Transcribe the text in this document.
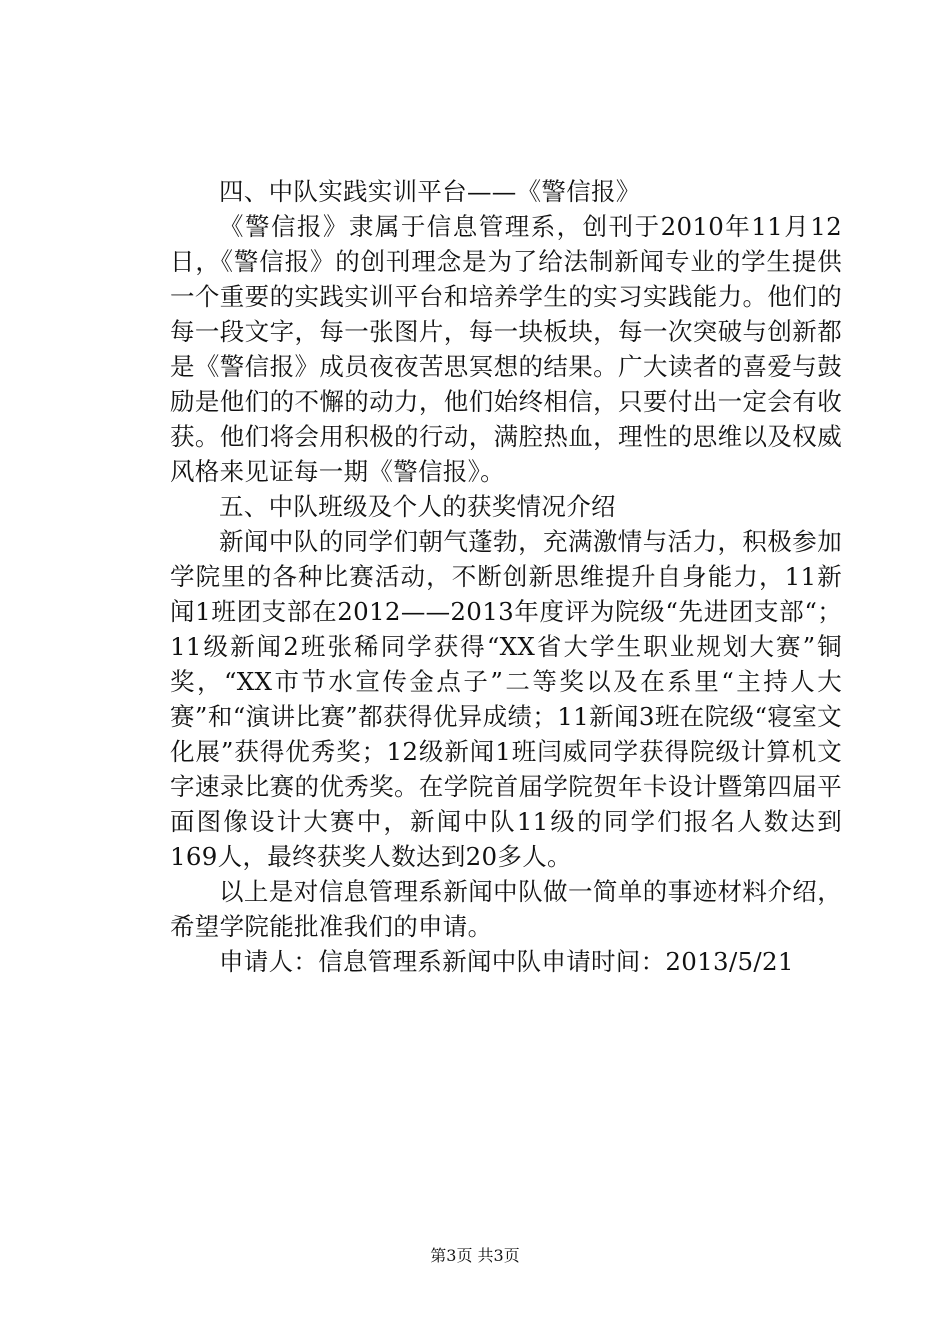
四、中队实践实训平台——《警信报》

《警信报》隶属于信息管理系，创刊于2010年11月12日，《警信报》的创刊理念是为了给法制新闻专业的学生提供一个重要的实践实训平台和培养学生的实习实践能力。他们的每一段文字，每一张图片，每一块板块，每一次突破与创新都是《警信报》成员夜夜苦思冥想的结果。广大读者的喜爱与鼓励是他们的不懈的动力，他们始终相信，只要付出一定会有收获。他们将会用积极的行动，满腔热血，理性的思维以及权威风格来见证每一期《警信报》。

五、中队班级及个人的获奖情况介绍

新闻中队的同学们朝气蓬勃，充满激情与活力，积极参加学院里的各种比赛活动，不断创新思维提升自身能力，11新闻1班团支部在2012——2013年度评为院级“先进团支部“；11级新闻2班张稀同学获得“XX省大学生职业规划大赛”铜奖，“XX市节水宣传金点子”二等奖以及在系里“主持人大赛”和“演讲比赛”都获得优异成绩；11新闻3班在院级“寝室文化展”获得优秀奖；12级新闻1班闫威同学获得院级计算机文字速录比赛的优秀奖。在学院首届学院贺年卡设计暨第四届平面图像设计大赛中，新闻中队11级的同学们报名人数达到169人，最终获奖人数达到20多人。

以上是对信息管理系新闻中队做一简单的事迹材料介绍，希望学院能批准我们的申请。

申请人：信息管理系新闻中队申请时间：2013/5/21

第3页 共3页
